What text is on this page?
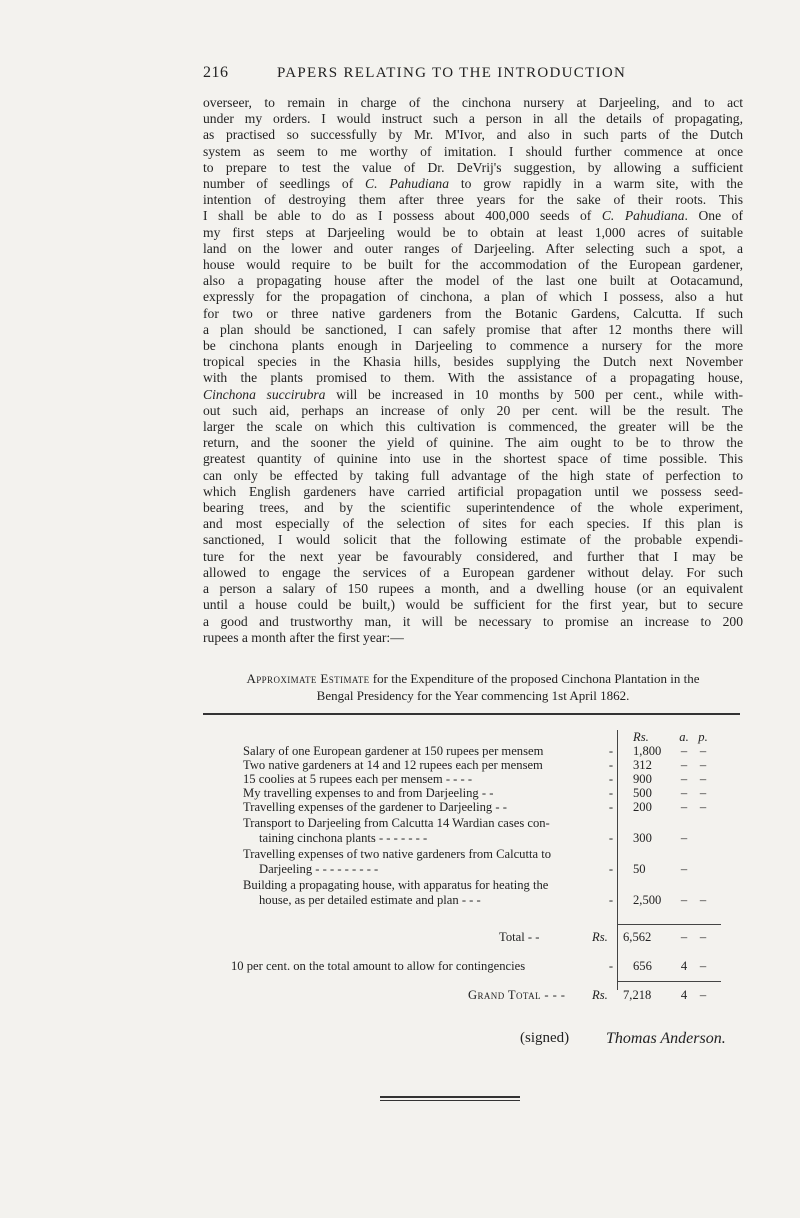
216	PAPERS RELATING TO THE INTRODUCTION
overseer, to remain in charge of the cinchona nursery at Darjeeling, and to act
under my orders. I would instruct such a person in all the details of propagating,
as practised so successfully by Mr. M'Ivor, and also in such parts of the Dutch
system as seem to me worthy of imitation. I should further commence at once
to prepare to test the value of Dr. DeVrij's suggestion, by allowing a sufficient
number of seedlings of C. Pahudiana to grow rapidly in a warm site, with the
intention of destroying them after three years for the sake of their roots. This
I shall be able to do as I possess about 400,000 seeds of C. Pahudiana. One of
my first steps at Darjeeling would be to obtain at least 1,000 acres of suitable
land on the lower and outer ranges of Darjeeling. After selecting such a spot, a
house would require to be built for the accommodation of the European gardener,
also a propagating house after the model of the last one built at Ootacamund,
expressly for the propagation of cinchona, a plan of which I possess, also a hut
for two or three native gardeners from the Botanic Gardens, Calcutta. If such
a plan should be sanctioned, I can safely promise that after 12 months there will
be cinchona plants enough in Darjeeling to commence a nursery for the more
tropical species in the Khasia hills, besides supplying the Dutch next November
with the plants promised to them. With the assistance of a propagating house,
Cinchona succirubra will be increased in 10 months by 500 per cent., while with-
out such aid, perhaps an increase of only 20 per cent. will be the result. The
larger the scale on which this cultivation is commenced, the greater will be the
return, and the sooner the yield of quinine. The aim ought to be to throw the
greatest quantity of quinine into use in the shortest space of time possible. This
can only be effected by taking full advantage of the high state of perfection to
which English gardeners have carried artificial propagation until we possess seed-
bearing trees, and by the scientific superintendence of the whole experiment,
and most especially of the selection of sites for each species. If this plan is
sanctioned, I would solicit that the following estimate of the probable expendi-
ture for the next year be favourably considered, and further that I may be
allowed to engage the services of a European gardener without delay. For such
a person a salary of 150 rupees a month, and a dwelling house (or an equivalent
until a house could be built,) would be sufficient for the first year, but to secure
a good and trustworthy man, it will be necessary to promise an increase to 200
rupees a month after the first year:—
Approximate Estimate for the Expenditure of the proposed Cinchona Plantation in the
Bengal Presidency for the Year commencing 1st April 1862.
Rs.	a. p.
Salary of one European gardener at 150 rupees per mensem	- 1,800	–	–
Two native gardeners at 14 and 12 rupees each per mensem	- 312	–	–
15 coolies at 5 rupees each per mensem - - - -	- 900	–	–
My travelling expenses to and from Darjeeling - -	- 500	–	–
Travelling expenses of the gardener to Darjeeling - -	- 200	–	–
Transport to Darjeeling from Calcutta 14 Wardian cases con-
taining cinchona plants - - - - - - -	- 300	–
Travelling expenses of two native gardeners from Calcutta to
Darjeeling - - - - - - - - -	- 50	–
Building a propagating house, with apparatus for heating the
house, as per detailed estimate and plan - - -	- 2,500	–	–
Total - -	Rs. 6,562	–	–
10 per cent. on the total amount to allow for contingencies	- 656	4	–
Grand Total - - - Rs. 7,218	4	–
(signed) Thomas Anderson.
